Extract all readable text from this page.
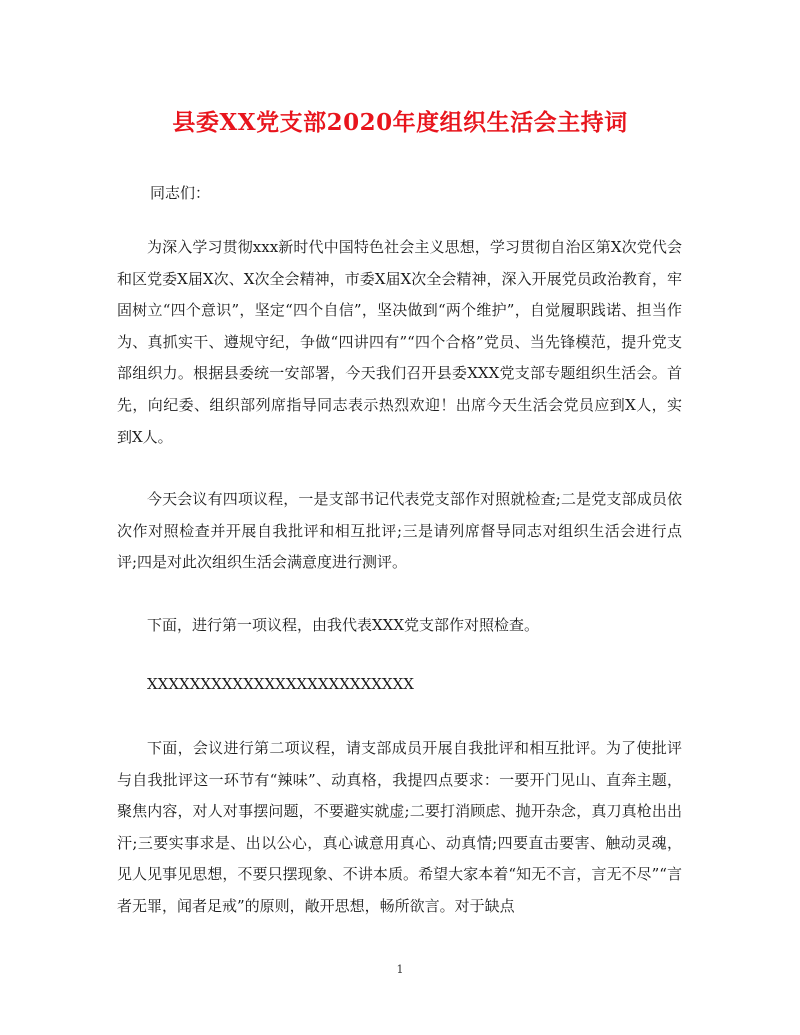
县委XX党支部2020年度组织生活会主持词

同志们：

为深入学习贯彻xxx新时代中国特色社会主义思想，学习贯彻自治区第X次党代会和区党委X届X次、X次全会精神，市委X届X次全会精神，深入开展党员政治教育，牢固树立“四个意识”，坚定“四个自信”，坚决做到“两个维护”，自觉履职践诺、担当作为、真抓实干、遵规守纪，争做“四讲四有”“四个合格”党员、当先锋模范，提升党支部组织力。根据县委统一安部署，今天我们召开县委XXX党支部专题组织生活会。首先，向纪委、组织部列席指导同志表示热烈欢迎！出席今天生活会党员应到X人，实到X人。

今天会议有四项议程，一是支部书记代表党支部作对照就检查;二是党支部成员依次作对照检查并开展自我批评和相互批评;三是请列席督导同志对组织生活会进行点评;四是对此次组织生活会满意度进行测评。

下面，进行第一项议程，由我代表XXX党支部作对照检查。

XXXXXXXXXXXXXXXXXXXXXXXXX

下面，会议进行第二项议程，请支部成员开展自我批评和相互批评。为了使批评与自我批评这一环节有“辣味”、动真格，我提四点要求：一要开门见山、直奔主题，聚焦内容，对人对事摆问题，不要避实就虚;二要打消顾虑、抛开杂念，真刀真枪出出汗;三要实事求是、出以公心，真心诚意用真心、动真情;四要直击要害、触动灵魂，见人见事见思想，不要只摆现象、不讲本质。希望大家本着“知无不言，言无不尽”“言者无罪，闻者足戒”的原则，敞开思想，畅所欲言。对于缺点

1
